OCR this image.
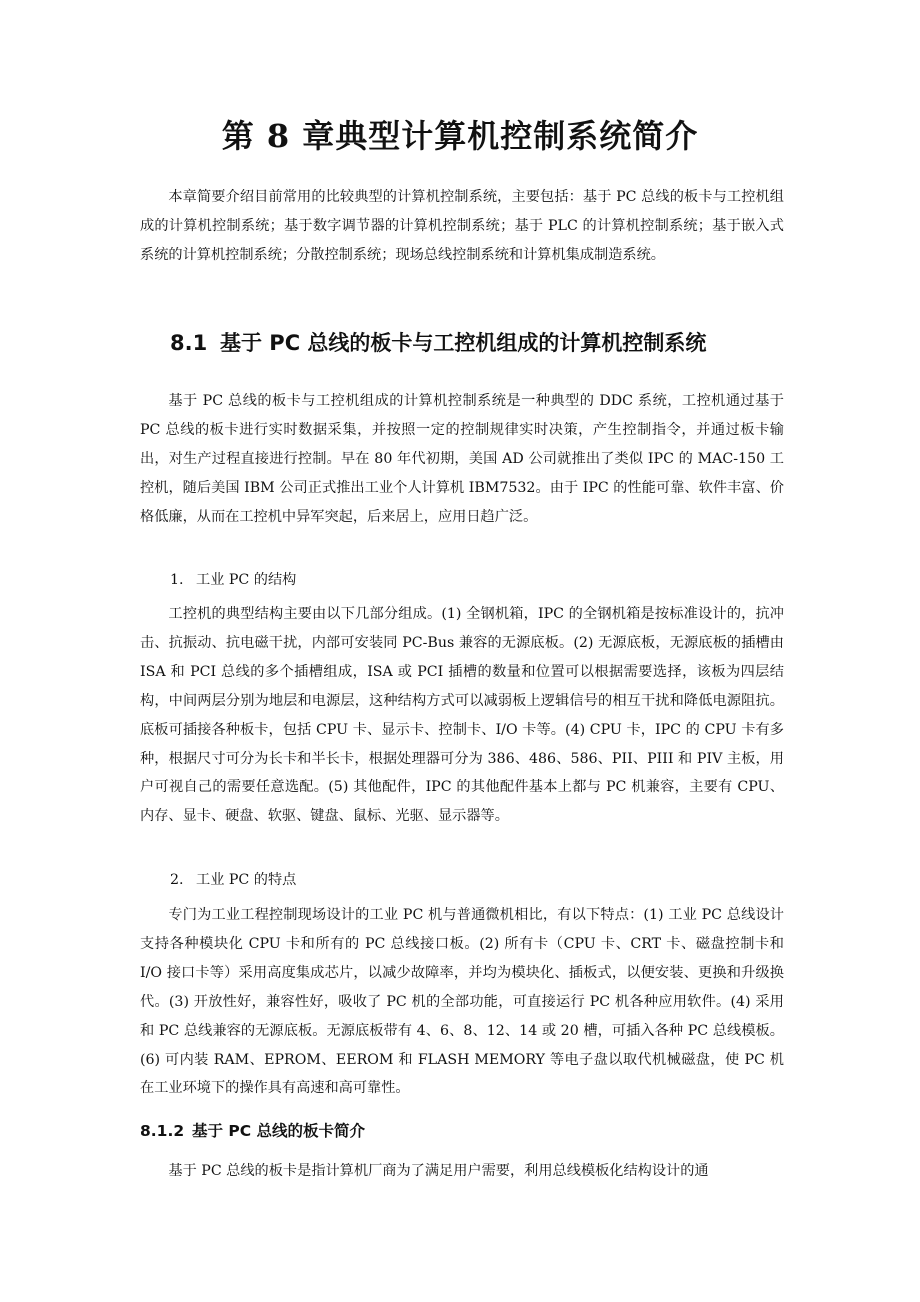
第 8 章典型计算机控制系统简介

本章简要介绍目前常用的比较典型的计算机控制系统，主要包括：基于 PC 总线的板卡与工控机组成的计算机控制系统；基于数字调节器的计算机控制系统；基于 PLC 的计算机控制系统；基于嵌入式系统的计算机控制系统；分散控制系统；现场总线控制系统和计算机集成制造系统。

8.1 基于 PC 总线的板卡与工控机组成的计算机控制系统

基于 PC 总线的板卡与工控机组成的计算机控制系统是一种典型的 DDC 系统，工控机通过基于 PC 总线的板卡进行实时数据采集，并按照一定的控制规律实时决策，产生控制指令，并通过板卡输出，对生产过程直接进行控制。早在 80 年代初期，美国 AD 公司就推出了类似 IPC 的 MAC-150 工控机，随后美国 IBM 公司正式推出工业个人计算机 IBM7532。由于 IPC 的性能可靠、软件丰富、价格低廉，从而在工控机中异军突起，后来居上，应用日趋广泛。

1. 工业 PC 的结构

工控机的典型结构主要由以下几部分组成。(1) 全钢机箱，IPC 的全钢机箱是按标准设计的，抗冲击、抗振动、抗电磁干扰，内部可安装同 PC-Bus 兼容的无源底板。(2) 无源底板，无源底板的插槽由 ISA 和 PCI 总线的多个插槽组成，ISA 或 PCI 插槽的数量和位置可以根据需要选择，该板为四层结构，中间两层分别为地层和电源层，这种结构方式可以减弱板上逻辑信号的相互干扰和降低电源阻抗。底板可插接各种板卡，包括 CPU 卡、显示卡、控制卡、I/O 卡等。(4) CPU 卡，IPC 的 CPU 卡有多种，根据尺寸可分为长卡和半长卡，根据处理器可分为 386、486、586、PII、PIII 和 PIV 主板，用户可视自己的需要任意选配。(5) 其他配件，IPC 的其他配件基本上都与 PC 机兼容，主要有 CPU、内存、显卡、硬盘、软驱、键盘、鼠标、光驱、显示器等。

2. 工业 PC 的特点

专门为工业工程控制现场设计的工业 PC 机与普通微机相比，有以下特点：(1) 工业 PC 总线设计支持各种模块化 CPU 卡和所有的 PC 总线接口板。(2) 所有卡（CPU 卡、CRT 卡、磁盘控制卡和 I/O 接口卡等）采用高度集成芯片，以减少故障率，并均为模块化、插板式，以便安装、更换和升级换代。(3) 开放性好，兼容性好，吸收了 PC 机的全部功能，可直接运行 PC 机各种应用软件。(4) 采用和 PC 总线兼容的无源底板。无源底板带有 4、6、8、12、14 或 20 槽，可插入各种 PC 总线模板。(6) 可内装 RAM、EPROM、EEROM 和 FLASH MEMORY 等电子盘以取代机械磁盘，使 PC 机在工业环境下的操作具有高速和高可靠性。

8.1.2 基于 PC 总线的板卡简介

基于 PC 总线的板卡是指计算机厂商为了满足用户需要，利用总线模板化结构设计的通
